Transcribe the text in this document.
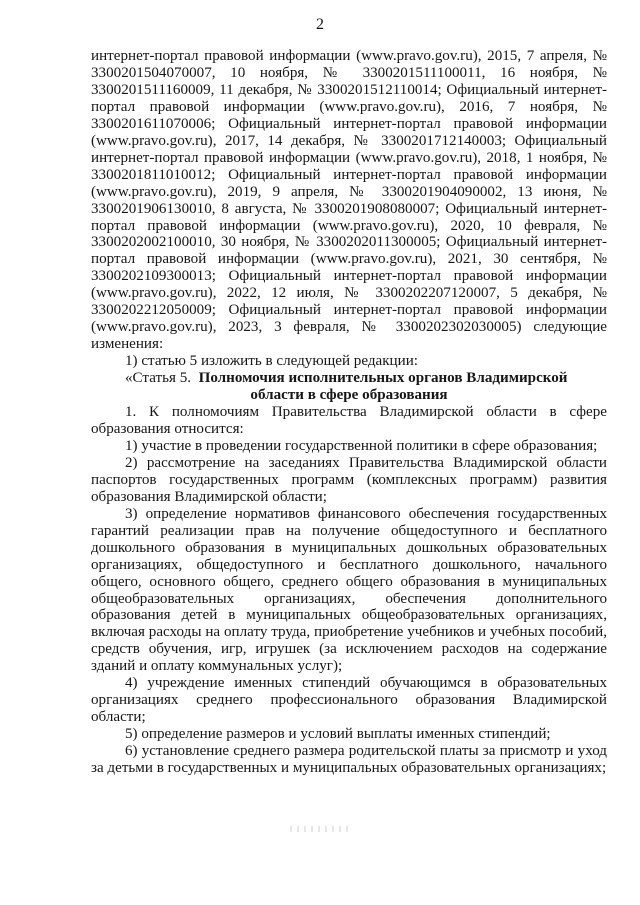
2

интернет-портал правовой информации (www.pravo.gov.ru), 2015, 7 апреля, № 3300201504070007, 10 ноября, № 3300201511100011, 16 ноября, № 3300201511160009, 11 декабря, № 3300201512110014; Официальный интернет-портал правовой информации (www.pravo.gov.ru), 2016, 7 ноября, № 3300201611070006; Официальный интернет-портал правовой информации (www.pravo.gov.ru), 2017, 14 декабря, № 3300201712140003; Официальный интернет-портал правовой информации (www.pravo.gov.ru), 2018, 1 ноября, № 3300201811010012; Официальный интернет-портал правовой информации (www.pravo.gov.ru), 2019, 9 апреля, № 3300201904090002, 13 июня, № 3300201906130010, 8 августа, № 3300201908080007; Официальный интернет-портал правовой информации (www.pravo.gov.ru), 2020, 10 февраля, № 3300202002100010, 30 ноября, № 3300202011300005; Официальный интернет-портал правовой информации (www.pravo.gov.ru), 2021, 30 сентября, № 3300202109300013; Официальный интернет-портал правовой информации (www.pravo.gov.ru), 2022, 12 июля, № 3300202207120007, 5 декабря, № 3300202212050009; Официальный интернет-портал правовой информации (www.pravo.gov.ru), 2023, 3 февраля, № 3300202302030005) следующие изменения:

1) статью 5 изложить в следующей редакции:

«Статья 5. Полномочия исполнительных органов Владимирской

области в сфере образования

1. К полномочиям Правительства Владимирской области в сфере образования относится:

1) участие в проведении государственной политики в сфере образования;

2) рассмотрение на заседаниях Правительства Владимирской области паспортов государственных программ (комплексных программ) развития образования Владимирской области;

3) определение нормативов финансового обеспечения государственных гарантий реализации прав на получение общедоступного и бесплатного дошкольного образования в муниципальных дошкольных образовательных организациях, общедоступного и бесплатного дошкольного, начального общего, основного общего, среднего общего образования в муниципальных общеобразовательных организациях, обеспечения дополнительного образования детей в муниципальных общеобразовательных организациях, включая расходы на оплату труда, приобретение учебников и учебных пособий, средств обучения, игр, игрушек (за исключением расходов на содержание зданий и оплату коммунальных услуг);

4) учреждение именных стипендий обучающимся в образовательных организациях среднего профессионального образования Владимирской области;

5) определение размеров и условий выплаты именных стипендий;

6) установление среднего размера родительской платы за присмотр и уход за детьми в государственных и муниципальных образовательных организациях;
